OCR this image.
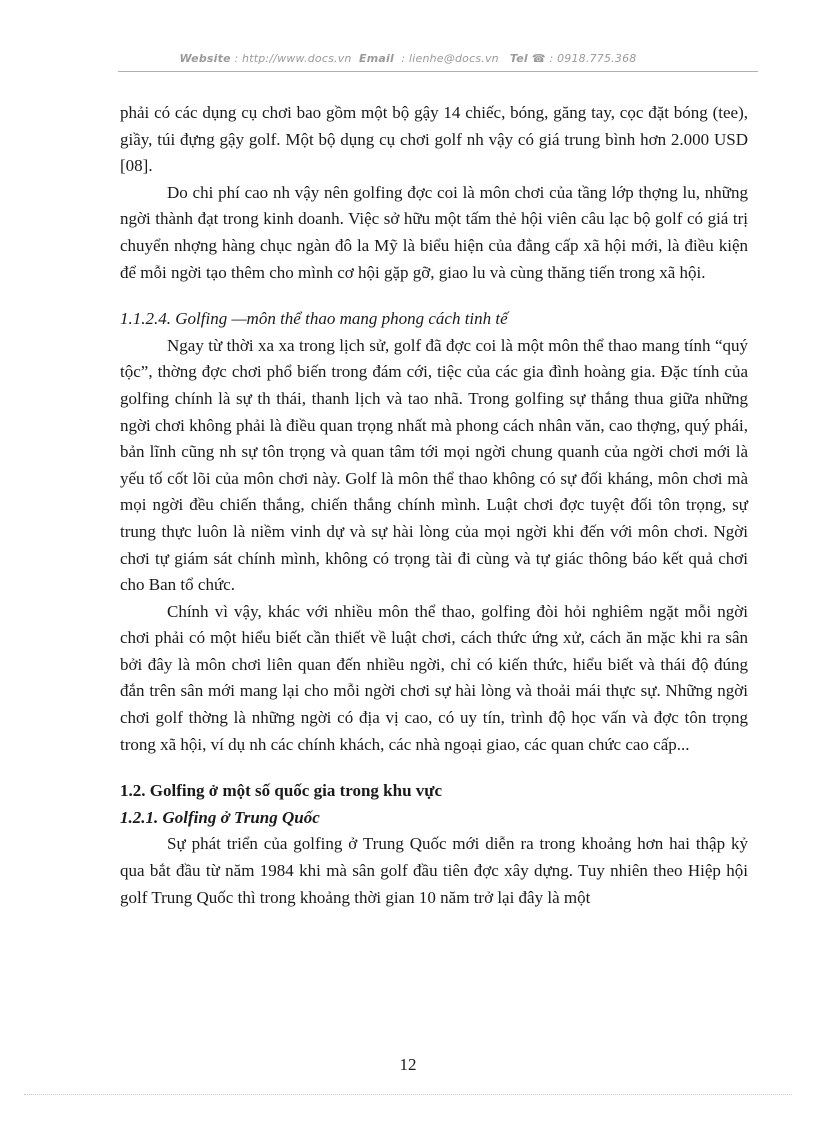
Website : http://www.docs.vn Email : lienhe@docs.vn Tel ☎ : 0918.775.368

phải có các dụng cụ chơi bao gồm một bộ gậy 14 chiếc, bóng, găng tay, cọc đặt bóng (tee), giầy, túi đựng gậy golf. Một bộ dụng cụ chơi golf nh vậy có giá trung bình hơn 2.000 USD [08].

Do chi phí cao nh vậy nên golfing đợc coi là môn chơi của tầng lớp thợng lu, những ngời thành đạt trong kinh doanh. Việc sở hữu một tấm thẻ hội viên câu lạc bộ golf có giá trị chuyển nhợng hàng chục ngàn đô la Mỹ là biểu hiện của đẳng cấp xã hội mới, là điều kiện để mỗi ngời tạo thêm cho mình cơ hội gặp gỡ, giao lu và cùng thăng tiến trong xã hội.

1.1.2.4. Golfing —môn thể thao mang phong cách tinh tế

Ngay từ thời xa xa trong lịch sử, golf đã đợc coi là một môn thể thao mang tính “quý tộc”, thờng đợc chơi phổ biến trong đám cới, tiệc của các gia đình hoàng gia. Đặc tính của golfing chính là sự th thái, thanh lịch và tao nhã. Trong golfing sự thắng thua giữa những ngời chơi không phải là điều quan trọng nhất mà phong cách nhân văn, cao thợng, quý phái, bản lĩnh cũng nh sự tôn trọng và quan tâm tới mọi ngời chung quanh của ngời chơi mới là yếu tố cốt lõi của môn chơi này. Golf là môn thể thao không có sự đối kháng, môn chơi mà mọi ngời đều chiến thắng, chiến thắng chính mình. Luật chơi đợc tuyệt đối tôn trọng, sự trung thực luôn là niềm vinh dự và sự hài lòng của mọi ngời khi đến với môn chơi. Ngời chơi tự giám sát chính mình, không có trọng tài đi cùng và tự giác thông báo kết quả chơi cho Ban tổ chức.

Chính vì vậy, khác với nhiều môn thể thao, golfing đòi hỏi nghiêm ngặt mỗi ngời chơi phải có một hiểu biết cần thiết về luật chơi, cách thức ứng xử, cách ăn mặc khi ra sân bởi đây là môn chơi liên quan đến nhiều ngời, chỉ có kiến thức, hiểu biết và thái độ đúng đắn trên sân mới mang lại cho mỗi ngời chơi sự hài lòng và thoải mái thực sự. Những ngời chơi golf thờng là những ngời có địa vị cao, có uy tín, trình độ học vấn và đợc tôn trọng trong xã hội, ví dụ nh các chính khách, các nhà ngoại giao, các quan chức cao cấp...

1.2. Golfing ở một số quốc gia trong khu vực

1.2.1. Golfing ở Trung Quốc

Sự phát triển của golfing ở Trung Quốc mới diễn ra trong khoảng hơn hai thập kỷ qua bắt đầu từ năm 1984 khi mà sân golf đầu tiên đợc xây dựng. Tuy nhiên theo Hiệp hội golf Trung Quốc thì trong khoảng thời gian 10 năm trở lại đây là một

12
